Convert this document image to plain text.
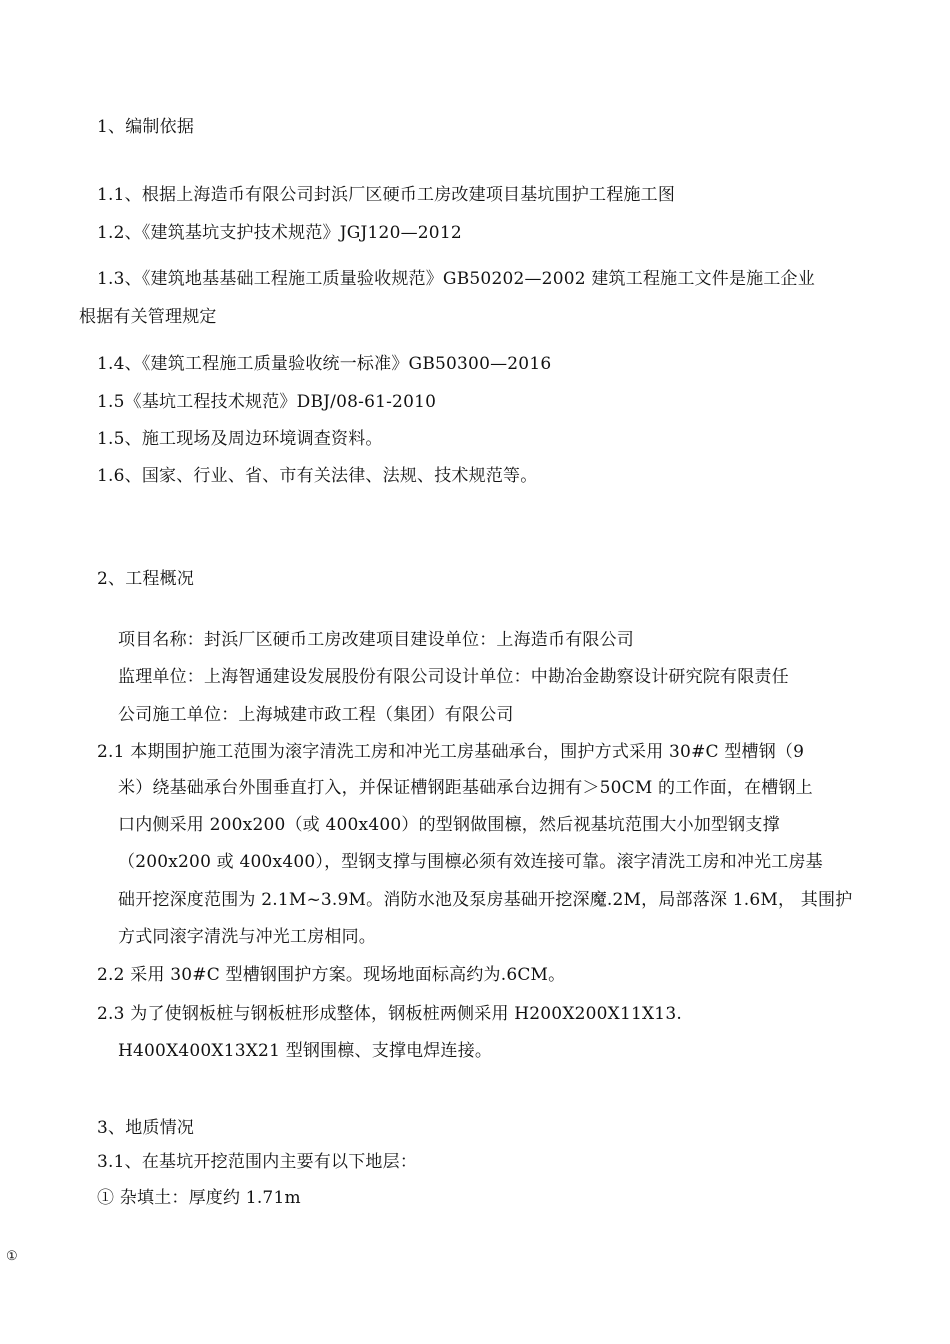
1、编制依据
1.1、根据上海造币有限公司封浜厂区硬币工房改建项目基坑围护工程施工图
1.2、《建筑基坑支护技术规范》JGJ120—2012
1.3、《建筑地基基础工程施工质量验收规范》GB50202—2002 建筑工程施工文件是施工企业
根据有关管理规定
1.4、《建筑工程施工质量验收统一标准》GB50300—2016
1.5《基坑工程技术规范》DBJ/08-61-2010
1.5、施工现场及周边环境调查资料。
1.6、国家、行业、省、市有关法律、法规、技术规范等。
2、工程概况
项目名称：封浜厂区硬币工房改建项目建设单位：上海造币有限公司
监理单位：上海智通建设发展股份有限公司设计单位：中勘冶金勘察设计研究院有限责任
公司施工单位：上海城建市政工程（集团）有限公司
2.1 本期围护施工范围为滚字清洗工房和冲光工房基础承台，围护方式采用 30#C 型槽钢（9
米）绕基础承台外围垂直打入，并保证槽钢距基础承台边拥有＞50CM 的工作面，在槽钢上
口内侧采用 200x200（或 400x400）的型钢做围檩，然后视基坑范围大小加型钢支撑
（200x200 或 400x400），型钢支撑与围檩必须有效连接可靠。滚字清洗工房和冲光工房基
础开挖深度范围为 2.1M~3.9M。消防水池及泵房基础开挖深魔.2M，局部落深 1.6M， 其围护
方式同滚字清洗与冲光工房相同。
2.2 采用 30#C 型槽钢围护方案。现场地面标高约为.6CM。
2.3 为了使钢板桩与钢板桩形成整体，钢板桩两侧采用 H200X200X11X13.
H400X400X13X21 型钢围檩、支撑电焊连接。
3、地质情况
3.1、在基坑开挖范围内主要有以下地层：
① 杂填土：厚度约 1.71m
①
